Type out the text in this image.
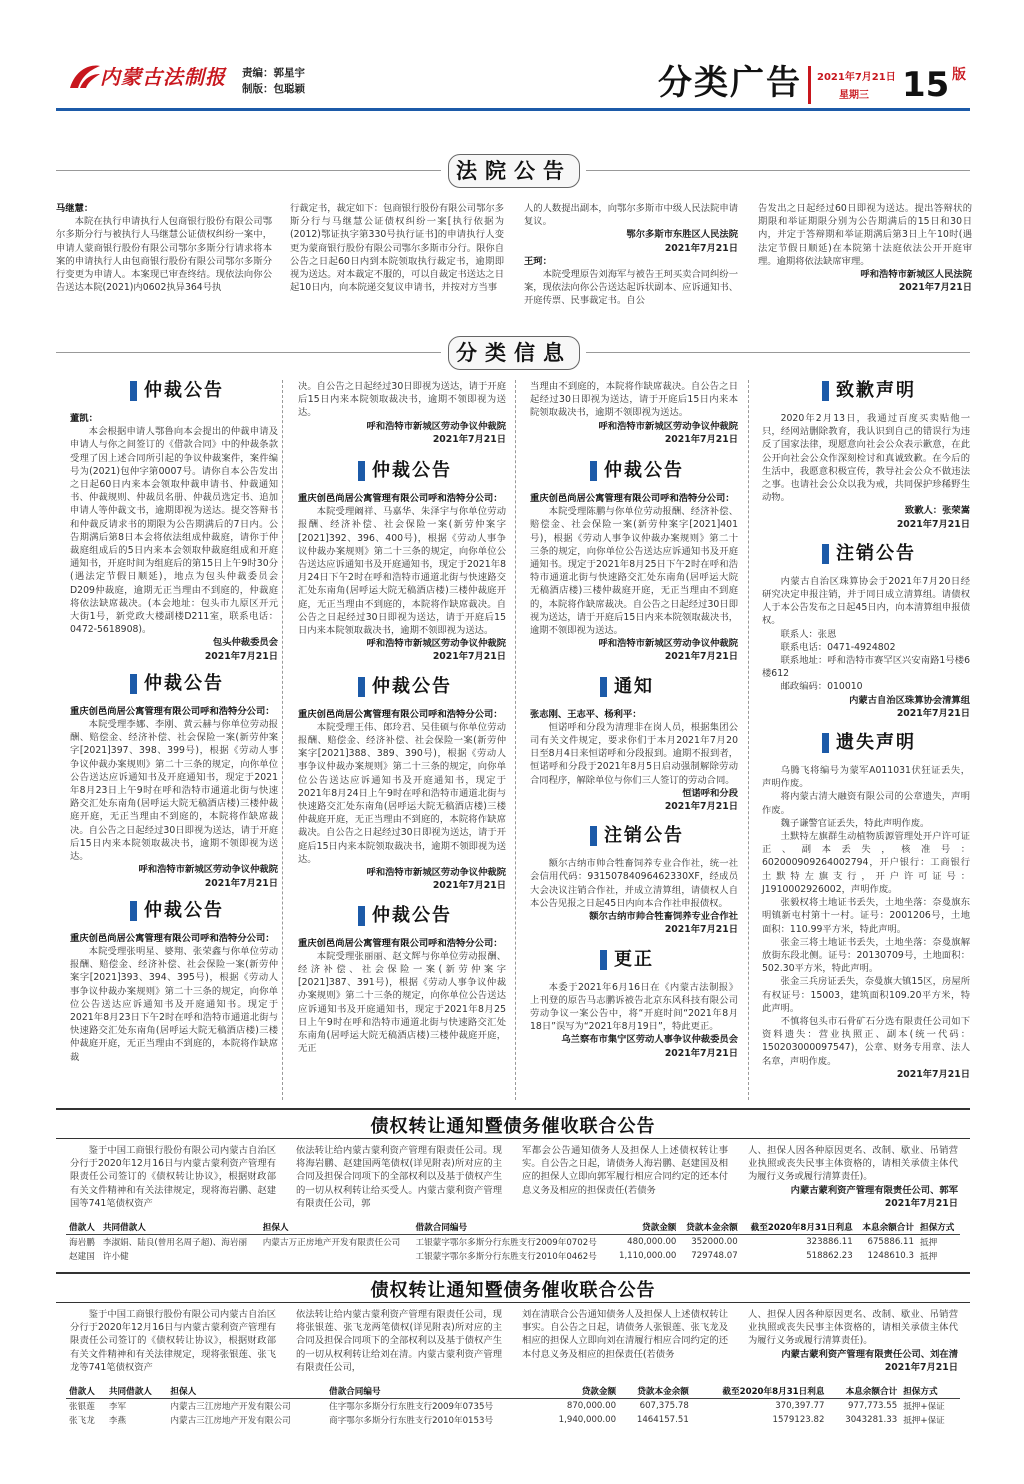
内蒙古法制报 责编：郭星宇
制版：包聪颖	分类广告 2021年7月21日
星期三 15 版
法院公告
马继慧：

本院在执行申请执行人包商银行股份有限公司鄂尔多斯分行与被执行人马继慧公证债权纠纷一案中，申请人蒙商银行股份有限公司鄂尔多斯分行请求将本案的申请执行人由包商银行股份有限公司鄂尔多斯分行变更为申请人。本案现已审查终结。现依法向你公告送达本院(2021)内0602执异364号执

行裁定书，裁定如下：包商银行股份有限公司鄂尔多斯分行与马继慧公证债权纠纷一案[执行依据为(2012)鄂证执字第330号执行证书]的申请执行人变更为蒙商银行股份有限公司鄂尔多斯市分行。限你自公告之日起60日内到本院领取执行裁定书，逾期即视为送达。对本裁定不服的，可以自裁定书送达之日起10日内，向本院递交复议申请书，并按对方当事

人的人数提出副本，向鄂尔多斯市中级人民法院申请复议。

鄂尔多斯市东胜区人民法院
2021年7月21日
王珂：

本院受理原告刘海军与被告王珂买卖合同纠纷一案，现依法向你公告送达起诉状副本、应诉通知书、开庭传票、民事裁定书。自公

告发出之日起经过60日即视为送达。提出答辩状的期限和举证期限分别为公告期满后的15日和30日内，并定于答辩期和举证期满后第3日上午10时(遇法定节假日顺延)在本院第十法庭依法公开开庭审理。逾期将依法缺席审理。

呼和浩特市新城区人民法院
2021年7月21日
分类信息
仲裁公告
董凯：

本会根据申请人鄂鲁向本会提出的仲裁申请及申请人与你之间签订的《借款合同》中的仲裁条款受理了因上述合同所引起的争议仲裁案件，案件编号为(2021)包仲字第0007号。请你自本公告发出之日起60日内来本会领取仲裁申请书、仲裁通知书、仲裁规则、仲裁员名册、仲裁员选定书、追加申请人等仲裁文书，逾期即视为送达。提交答辩书和仲裁反请求书的期限为公告期满后的7日内。公告期满后第8日本会将依法组成仲裁庭，请你于仲裁庭组成后的5日内来本会领取仲裁庭组成和开庭通知书，开庭时间为组庭后的第15日上午9时30分(遇法定节假日顺延)，地点为包头仲裁委员会D209仲裁庭，逾期无正当理由不到庭的，仲裁庭将依法缺席裁决。(本会地址：包头市九原区开元大街1号，新党政大楼副楼D211室，联系电话：0472-5618908)。

包头仲裁委员会
2021年7月21日
仲裁公告
重庆创邑尚居公寓管理有限公司呼和浩特分公司：

本院受理李娜、李刚、黄云赫与你单位劳动报酬、赔偿金、经济补偿、社会保险一案(新劳仲案字[2021]397、398、399号)，根据《劳动人事争议仲裁办案规则》第二十三条的规定，向你单位公告送达应诉通知书及开庭通知书，现定于2021年8月23日上午9时在呼和浩特市通道北街与快速路交汇处东南角(居呼运大院无稿酒店楼)三楼仲裁庭开庭，无正当理由不到庭的，本院将作缺席裁决。自公告之日起经过30日即视为送达，请于开庭后15日内来本院领取裁决书，逾期不领即视为送达。

呼和浩特市新城区劳动争议仲裁院
2021年7月21日
仲裁公告
重庆创邑尚居公寓管理有限公司呼和浩特分公司：

本院受理张明星、婆翔、张荣鑫与你单位劳动报酬、赔偿金、经济补偿、社会保险一案(新劳仲案字[2021]393、394、395号)，根据《劳动人事争议仲裁办案规则》第二十三条的规定，向你单位公告送达应诉通知书及开庭通知书。现定于2021年8月23日下午2时在呼和浩特市通道北街与快速路交汇处东南角(居呼运大院无稿酒店楼)三楼仲裁庭开庭，无正当理由不到庭的，本院将作缺席裁

决。自公告之日起经过30日即视为送达，请于开庭后15日内来本院领取裁决书，逾期不领即视为送达。

呼和浩特市新城区劳动争议仲裁院
2021年7月21日
仲裁公告
重庆创邑尚居公寓管理有限公司呼和浩特分公司：

本院受理阚祥、马嘉华、朱泽宇与你单位劳动报酬、经济补偿、社会保险一案(新劳仲案字[2021]392、396、400号)，根据《劳动人事争议仲裁办案规则》第二十三条的规定，向你单位公告送达应诉通知书及开庭通知书，现定于2021年8月24日下午2时在呼和浩特市通道北街与快速路交汇处东南角(居呼运大院无稿酒店楼)三楼仲裁庭开庭，无正当理由不到庭的，本院将作缺席裁决。自公告之日起经过30日即视为送达，请于开庭后15日内来本院领取裁决书，逾期不领即视为送达。

呼和浩特市新城区劳动争议仲裁院
2021年7月21日
仲裁公告
重庆创邑尚居公寓管理有限公司呼和浩特分公司：

本院受理王伟、郎玲君、吴佳硕与你单位劳动报酬、赔偿金、经济补偿、社会保险一案(新劳仲案字[2021]388、389、390号)，根据《劳动人事争议仲裁办案规则》第二十三条的规定，向你单位公告送达应诉通知书及开庭通知书，现定于2021年8月24日上午9时在呼和浩特市通道北街与快速路交汇处东南角(居呼运大院无稿酒店楼)三楼仲裁庭开庭，无正当理由不到庭的，本院将作缺席裁决。自公告之日起经过30日即视为送达，请于开庭后15日内来本院领取裁决书，逾期不领即视为送达。

呼和浩特市新城区劳动争议仲裁院
2021年7月21日
仲裁公告
重庆创邑尚居公寓管理有限公司呼和浩特分公司：

本院受理张丽丽、赵文辉与你单位劳动报酬、经济补偿、社会保险一案(新劳仲案字[2021]387、391号)，根据《劳动人事争议仲裁办案规则》第二十三条的规定，向你单位公告送达应诉通知书及开庭通知书，现定于2021年8月25日上午9时在呼和浩特市通道北街与快速路交汇处东南角(居呼运大院无稿酒店楼)三楼仲裁庭开庭，无正

当理由不到庭的，本院将作缺席裁决。自公告之日起经过30日即视为送达，请于开庭后15日内来本院领取裁决书，逾期不领即视为送达。

呼和浩特市新城区劳动争议仲裁院
2021年7月21日
仲裁公告
重庆创邑尚居公寓管理有限公司呼和浩特分公司：

本院受理陈鹏与你单位劳动报酬、经济补偿、赔偿金、社会保险一案(新劳仲案字[2021]401号)，根据《劳动人事争议仲裁办案规则》第二十三条的规定，向你单位公告送达应诉通知书及开庭通知书。现定于2021年8月25日下午2时在呼和浩特市通道北街与快速路交汇处东南角(居呼运大院无稿酒店楼)三楼仲裁庭开庭，无正当理由不到庭的，本院将作缺席裁决。自公告之日起经过30日即视为送达，请于开庭后15日内来本院领取裁决书，逾期不领即视为送达。

呼和浩特市新城区劳动争议仲裁院
2021年7月21日
通知
张志刚、王志平、杨利平：

恒诺呼和分段为清理非在岗人员，根据集团公司有关文件规定，要求你们于本月2021年7月20日至8月4日来恒诺呼和分段报到。逾期不报到者，恒诺呼和分段于2021年8月5日启动强制解除劳动合同程序，解除单位与你们三人签订的劳动合同。

恒诺呼和分段
2021年7月21日
注销公告

额尔古纳市帅合牲畜饲养专业合作社，统一社会信用代码：93150784096462330XF，经成员大会决议注销合作社，并成立清算组，请债权人自本公告见报之日起45日内向本合作社申报债权。

额尔古纳市帅合牲畜饲养专业合作社
2021年7月21日
更正

本委于2021年6月16日在《内蒙古法制报》上刊登的原告马志鹏诉被告北京东风科技有限公司劳动争议一案公告中，将“开庭时间“2021年8月18日”误写为“2021年8月19日”，特此更正。

乌兰察布市集宁区劳动人事争议仲裁委员会
2021年7月21日
致歉声明

2020年2月13日，我通过百度买卖贴他一只，经网站删除教育，我认识到自己的错误行为违反了国家法律，现愿意向社会公众表示歉意，在此公开向社会公众作深刻检讨和真诚致歉。在今后的生活中，我愿意积极宣传，教导社会公众不做违法之事。也请社会公众以我为戒，共同保护珍稀野生动物。

致歉人：张荣嵩
2021年7月21日
注销公告

内蒙古自治区珠算协会于2021年7月20日经研究决定申报注销，并于同日成立清算组。请债权人于本公告发布之日起45日内，向本清算组申报债权。

联系人：张恩

联系电话：0471-4924802

联系地址：呼和浩特市赛罕区兴安南路1号楼6楼612

邮政编码：010010

内蒙古自治区珠算协会清算组
2021年7月21日
遗失声明

乌腾飞将编号为蒙军A011031伏狂证丢失，声明作废。

将内蒙古清大融资有限公司的公章遗失，声明作废。

魏子谦警官证丢失，特此声明作废。

土默特左旗群生动植物质源管理处开户许可证正、副本丢失，核准号：602000909264002794，开户银行：工商银行土默特左旗支行，开户许可证号：J1910002926002，声明作废。

张毅权将土地证书丢失，土地坐落：奈曼旗东明镇新屯村第十一村。证号：2001206号，土地面积：110.99平方米，特此声明。

张金三将土地证书丢失，土地坐落：奈曼旗解放街东段北侧。证号：20130709号，土地面积：502.30平方米，特此声明。

张金三兵房证丢失，奈曼旗大镇15区，房屋所有权证号：15003，建筑面积109.20平方米，特此声明。

不慎将包头市石骨矿石分选有限责任公司如下资料遗失：营业执照正、副本(统一代码：150203000097547)，公章、财务专用章、法人名章，声明作废。

2021年7月21日
债权转让通知暨债务催收联合公告

鉴于中国工商银行股份有限公司内蒙古自治区分行于2020年12月16日与内蒙古蒙利资产管理有限责任公司签订的《债权转让协议》，根据财政部有关文件精神和有关法律规定，现将海岩鹏、赵建国等741笔债权资产

依法转让给内蒙古蒙利资产管理有限责任公司。现将海岩鹏、赵建国两笔债权(详见附表)所对应的主合同及担保合同项下的全部权利以及基于债权产生的一切从权利转让给买受人。内蒙古蒙利资产管理有限责任公司，郭

军都会公告通知债务人及担保人上述债权转让事实。自公告之日起，请债务人海岩鹏、赵建国及相应的担保人立即向郭军履行相应合同约定的还本付息义务及相应的担保责任(若债务

人、担保人因各种原因更名、改制、歇业、吊销营业执照或丧失民事主体资格的，请相关承债主体代为履行义务或履行清算责任)。

内蒙古蒙利资产管理有限责任公司、郭军
2021年7月21日
借款人	共同借款人	担保人	借款合同编号	贷款金额	贷款本金余额	截至2020年8月31日利息	本息余额合计	担保方式
海岩鹏	李淑娟、陆良(曾用名周子超)、海岩丽	内蒙古万正房地产开发有限责任公司	工银蒙字鄂尔多斯分行东胜支行2009年0702号	480,000.00	352000.00	323886.11	675886.11	抵押
赵建国	许小健		工银蒙字鄂尔多斯分行东胜支行2010年0462号	1,110,000.00	729748.07	518862.23	1248610.3	抵押
债权转让通知暨债务催收联合公告

鉴于中国工商银行股份有限公司内蒙古自治区分行于2020年12月16日与内蒙古蒙利资产管理有限责任公司签订的《债权转让协议》，根据财政部有关文件精神和有关法律规定，现将张银莲、张飞龙等741笔债权资产

依法转让给内蒙古蒙利资产管理有限责任公司，现将张银莲、张飞龙两笔债权(详见附表)所对应的主合同及担保合同项下的全部权利以及基于债权产生的一切从权利转让给刘在清。内蒙古蒙利资产管理有限责任公司，

刘在清联合公告通知债务人及担保人上述债权转让事实。自公告之日起，请债务人张银莲、张飞龙及相应的担保人立即向刘在清履行相应合同约定的还本付息义务及相应的担保责任(若债务

人、担保人因各种原因更名、改制、歇业、吊销营业执照或丧失民事主体资格的，请相关承债主体代为履行义务或履行清算责任)。

内蒙古蒙利资产管理有限责任公司、刘在清
2021年7月21日
借款人	共同借款人	担保人	借款合同编号	贷款金额	贷款本金余额	截至2020年8月31日利息	本息余额合计	担保方式
张银莲	李军	内蒙古三江房地产开发有限公司	住字鄂尔多斯分行东胜支行2009年0735号	870,000.00	607,375.78	370,397.77	977,773.55	抵押+保证
张飞龙	李燕	内蒙古三江房地产开发有限公司	商字鄂尔多斯分行东胜支行2010年0153号	1,940,000.00	1464157.51	1579123.82	3043281.33	抵押+保证
